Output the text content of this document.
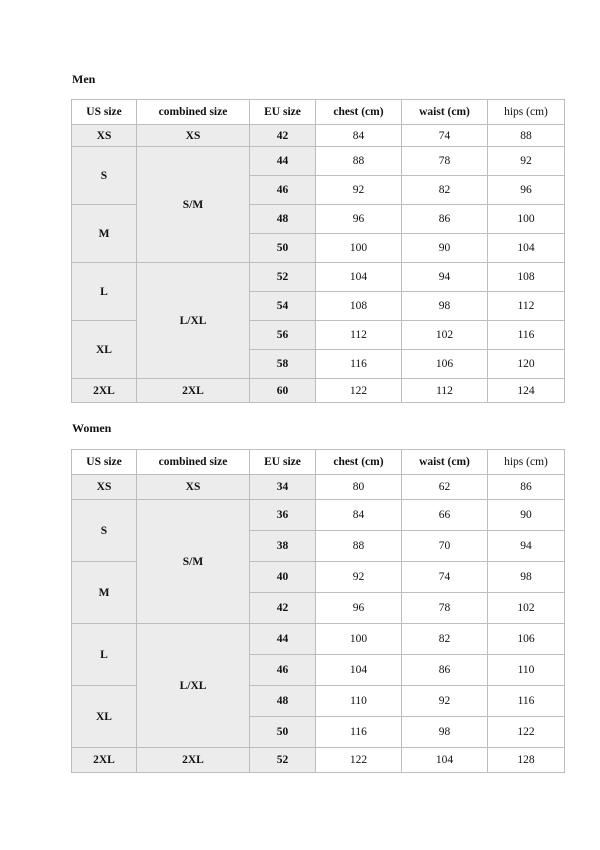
Men
US size	combined size	EU size	chest (cm)	waist (cm)	hips (cm)
XS	XS	42	84	74	88
S	S/M	44	88	78	92
		46	92	82	96
M		48	96	86	100
		50	100	90	104
L	L/XL	52	104	94	108
		54	108	98	112
XL		56	112	102	116
		58	116	106	120
2XL	2XL	60	122	112	124
Women
US size	combined size	EU size	chest (cm)	waist (cm)	hips (cm)
XS	XS	34	80	62	86
S	S/M	36	84	66	90
		38	88	70	94
M		40	92	74	98
		42	96	78	102
L	L/XL	44	100	82	106
		46	104	86	110
XL		48	110	92	116
		50	116	98	122
2XL	2XL	52	122	104	128
